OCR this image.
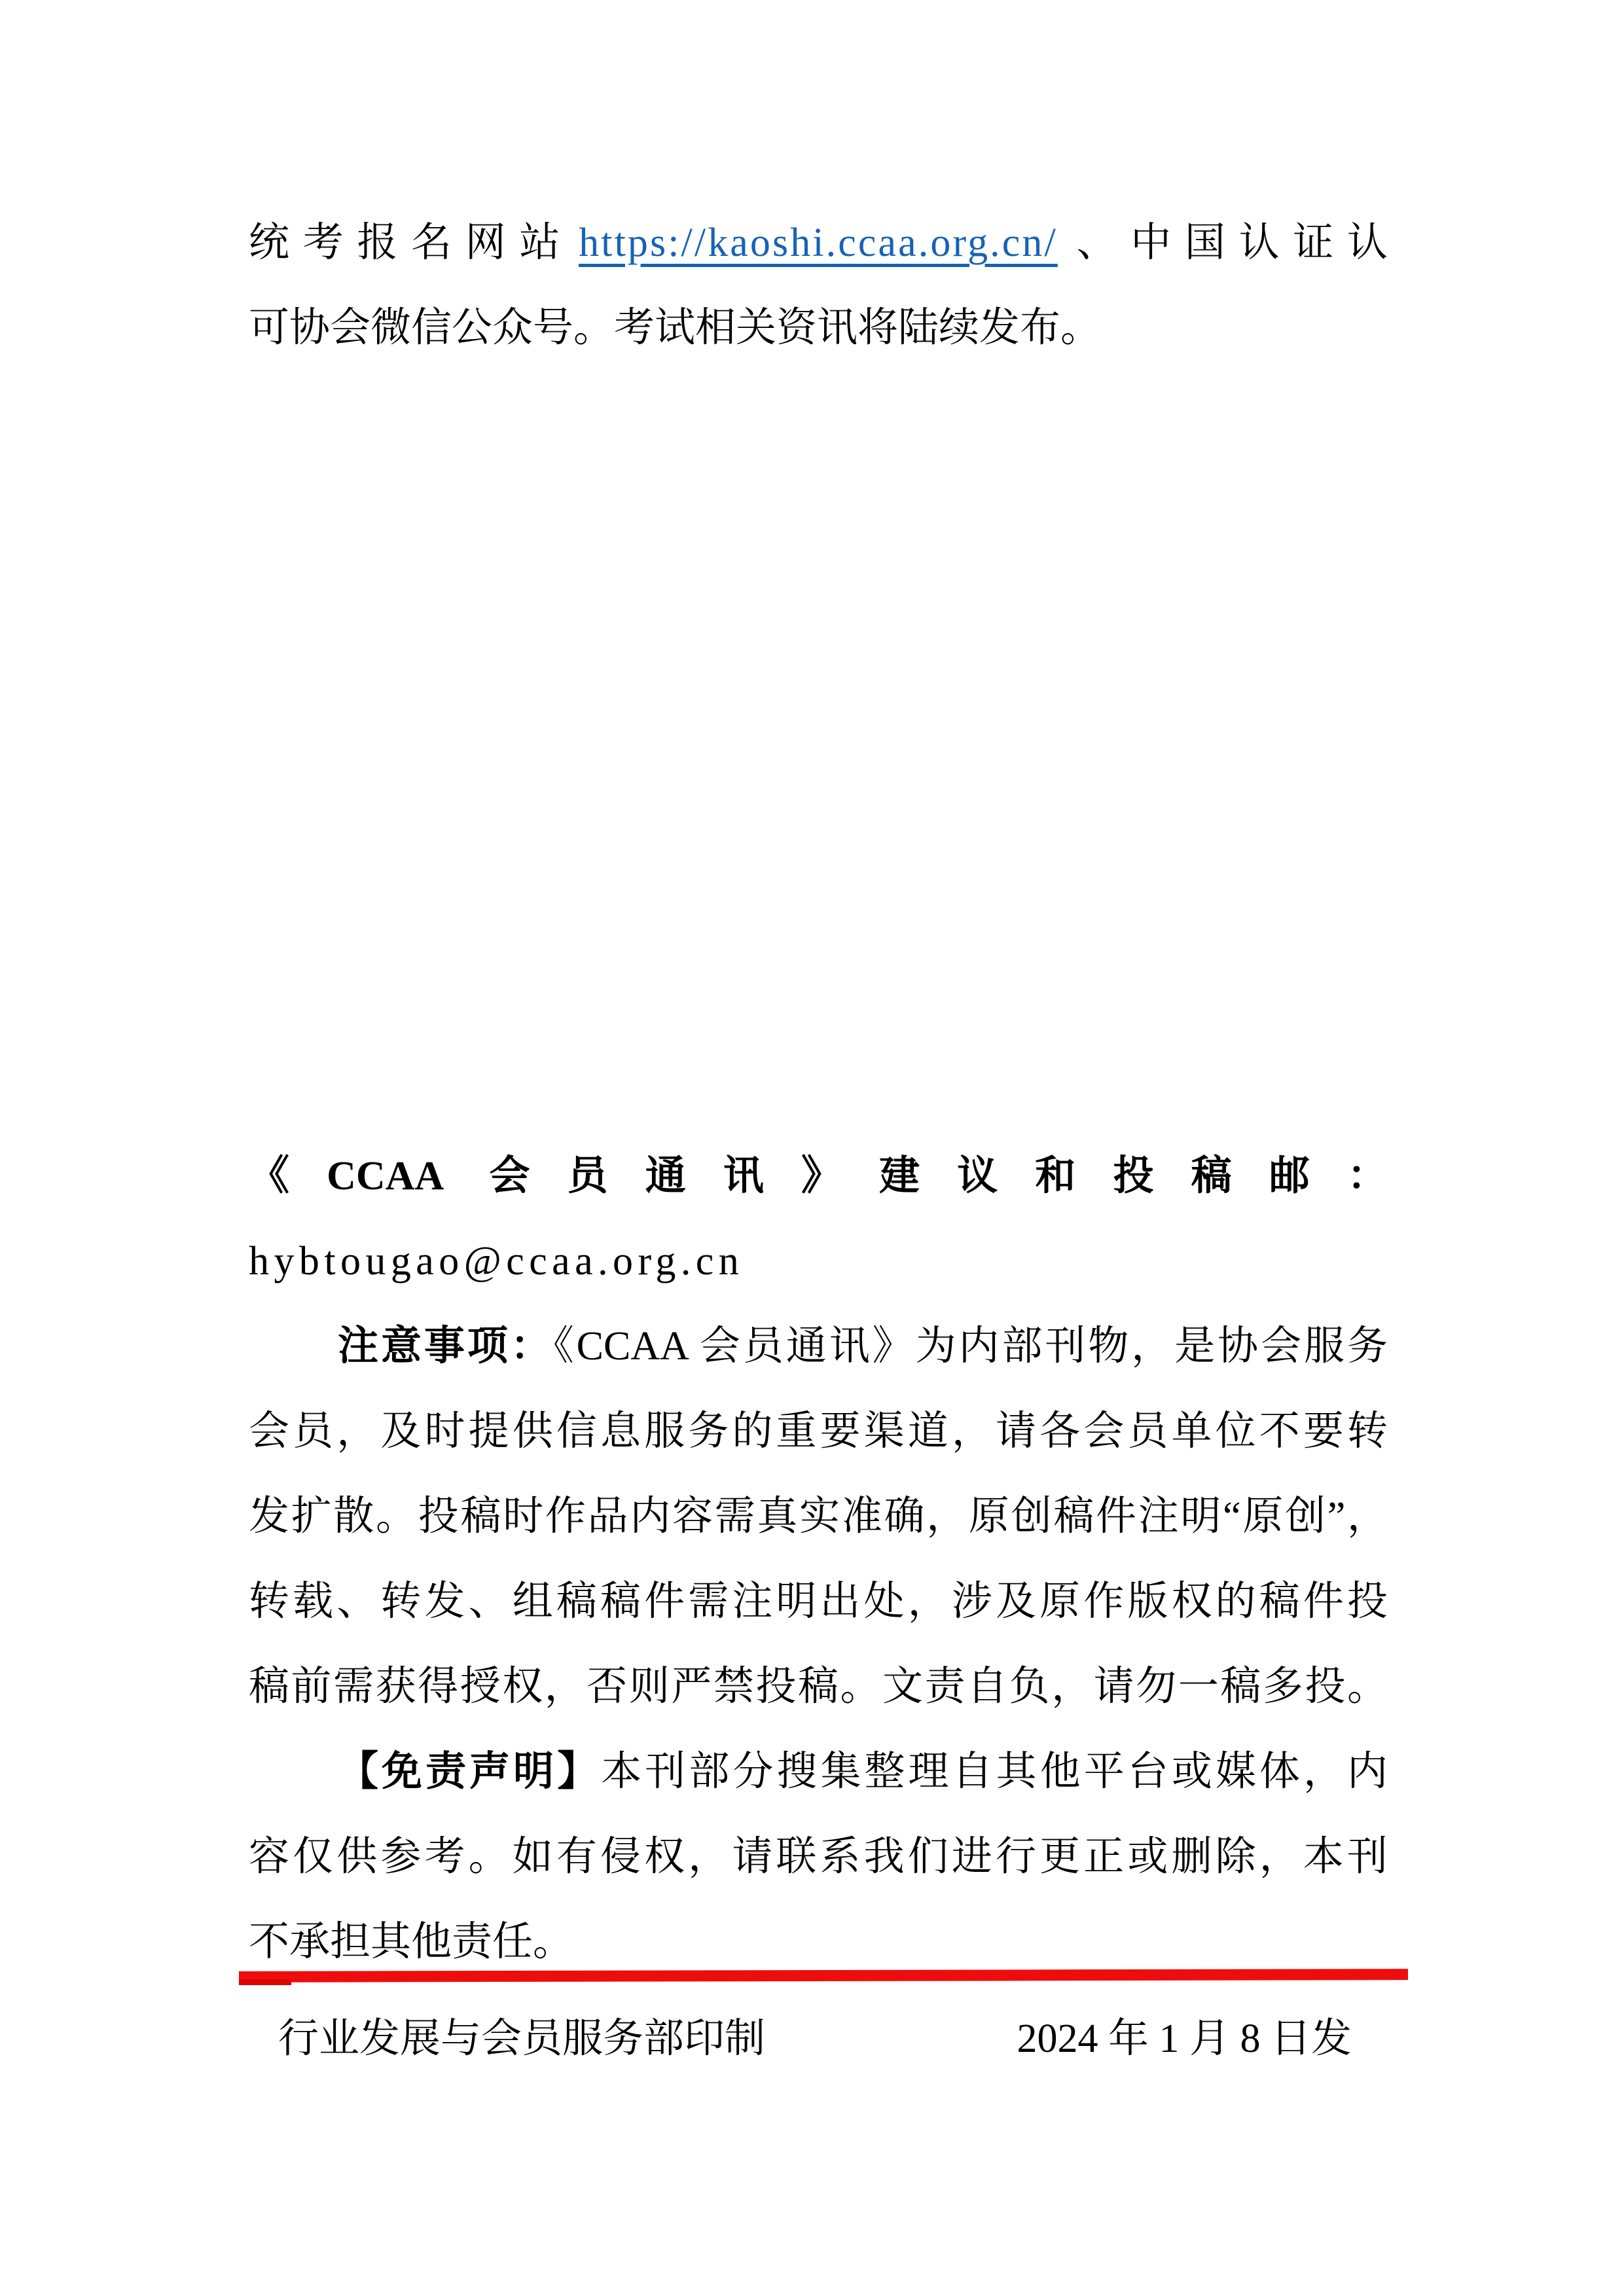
统考报名网站 https://kaoshi.ccaa.org.cn/ 、中国认证认
可协会微信公众号。考试相关资讯将陆续发布。
《CCAA 会员通讯》建议和投稿邮：hybtougao@ccaa.org.cn
注意事项：《CCAA 会员通讯》为内部刊物，是协会服务
会员，及时提供信息服务的重要渠道，请各会员单位不要转
发扩散。投稿时作品内容需真实准确，原创稿件注明“原创”，
转载、转发、组稿稿件需注明出处，涉及原作版权的稿件投
稿前需获得授权，否则严禁投稿。文责自负，请勿一稿多投。
【免责声明】本刊部分搜集整理自其他平台或媒体，内
容仅供参考。如有侵权，请联系我们进行更正或删除，本刊
不承担其他责任。
行业发展与会员服务部印制	2024 年 1 月 8 日发
